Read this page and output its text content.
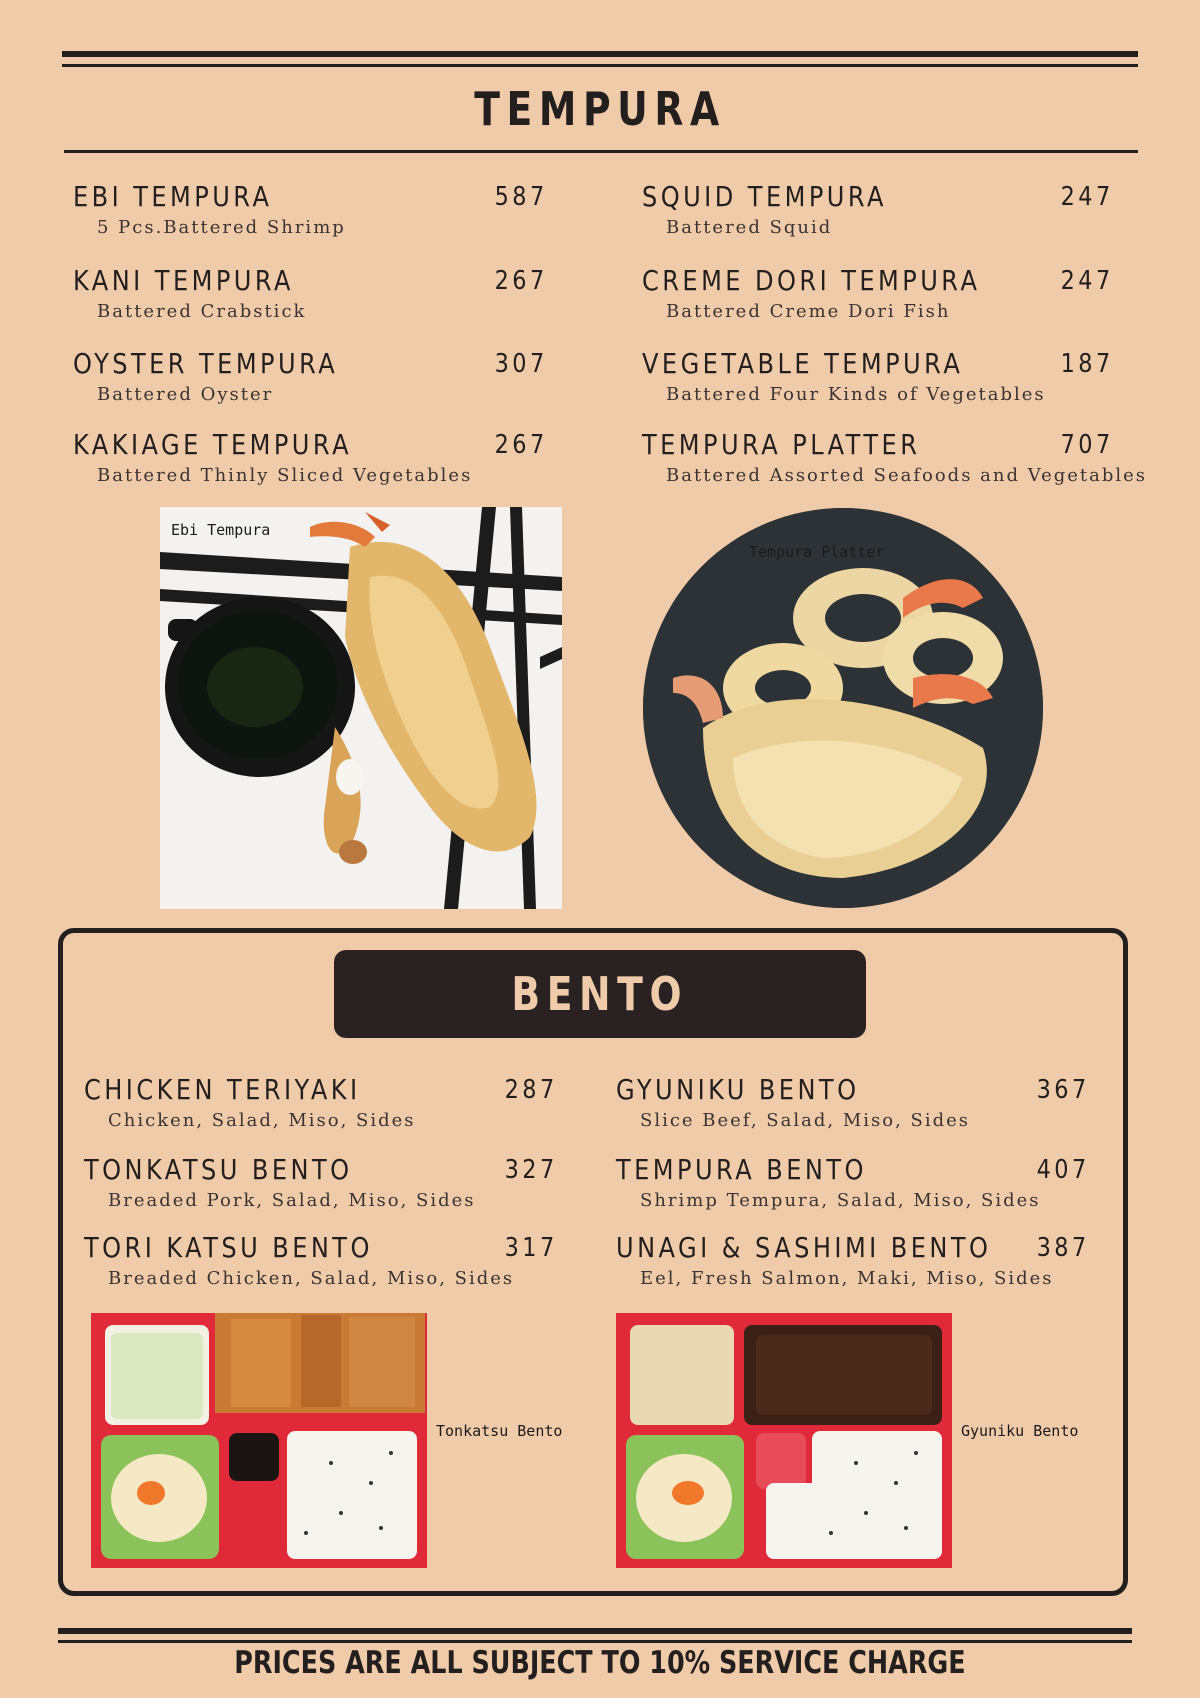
TEMPURA
EBI TEMPURA	587
5 Pcs.Battered Shrimp
KANI TEMPURA	267
Battered Crabstick
OYSTER TEMPURA	307
Battered Oyster
KAKIAGE TEMPURA	267
Battered Thinly Sliced Vegetables
SQUID TEMPURA	247
Battered Squid
CREME DORI TEMPURA	247
Battered Creme Dori Fish
VEGETABLE TEMPURA	187
Battered Four Kinds of Vegetables
TEMPURA PLATTER	707
Battered Assorted Seafoods and Vegetables
Ebi Tempura
Tempura Platter
BENTO
CHICKEN TERIYAKI	287
Chicken, Salad, Miso, Sides
TONKATSU BENTO	327
Breaded Pork, Salad, Miso, Sides
TORI KATSU BENTO	317
Breaded Chicken, Salad, Miso, Sides
GYUNIKU BENTO	367
Slice Beef, Salad, Miso, Sides
TEMPURA BENTO	407
Shrimp Tempura, Salad, Miso, Sides
UNAGI & SASHIMI BENTO	387
Eel, Fresh Salmon, Maki, Miso, Sides
Tonkatsu Bento	Gyuniku Bento
PRICES ARE ALL SUBJECT TO 10% SERVICE CHARGE
